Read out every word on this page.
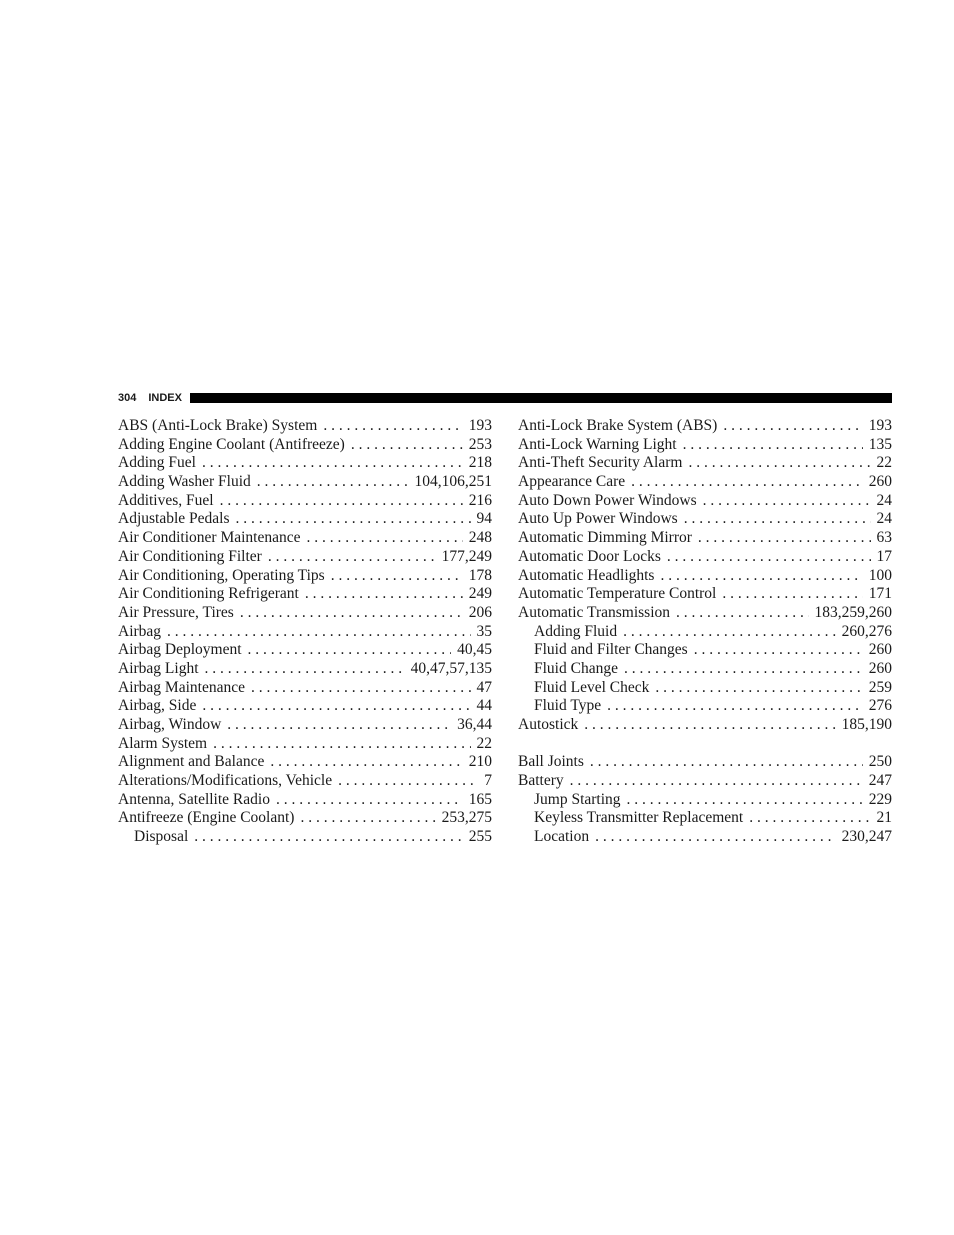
304 INDEX
ABS (Anti-Lock Brake) System . . .	193
Adding Engine Coolant (Antifreeze) . . .	253
Adding Fuel . . .	218
Adding Washer Fluid . . .	104,106,251
Additives, Fuel . . .	216
Adjustable Pedals . . .	94
Air Conditioner Maintenance . . .	248
Air Conditioning Filter . . .	177,249
Air Conditioning, Operating Tips . . .	178
Air Conditioning Refrigerant . . .	249
Air Pressure, Tires . . .	206
Airbag . . .	35
Airbag Deployment . . .	40,45
Airbag Light . . .	40,47,57,135
Airbag Maintenance . . .	47
Airbag, Side . . .	44
Airbag, Window . . .	36,44
Alarm System . . .	22
Alignment and Balance . . .	210
Alterations/Modifications, Vehicle . . .	7
Antenna, Satellite Radio . . .	165
Antifreeze (Engine Coolant) . . .	253,275
Disposal . . .	255
Anti-Lock Brake System (ABS) . . .	193
Anti-Lock Warning Light . . .	135
Anti-Theft Security Alarm . . .	22
Appearance Care . . .	260
Auto Down Power Windows . . .	24
Auto Up Power Windows . . .	24
Automatic Dimming Mirror . . .	63
Automatic Door Locks . . .	17
Automatic Headlights . . .	100
Automatic Temperature Control . . .	171
Automatic Transmission . . .	183,259,260
Adding Fluid . . .	260,276
Fluid and Filter Changes . . .	260
Fluid Change . . .	260
Fluid Level Check . . .	259
Fluid Type . . .	276
Autostick . . .	185,190
Ball Joints . . .	250
Battery . . .	247
Jump Starting . . .	229
Keyless Transmitter Replacement . . .	21
Location . . .	230,247
